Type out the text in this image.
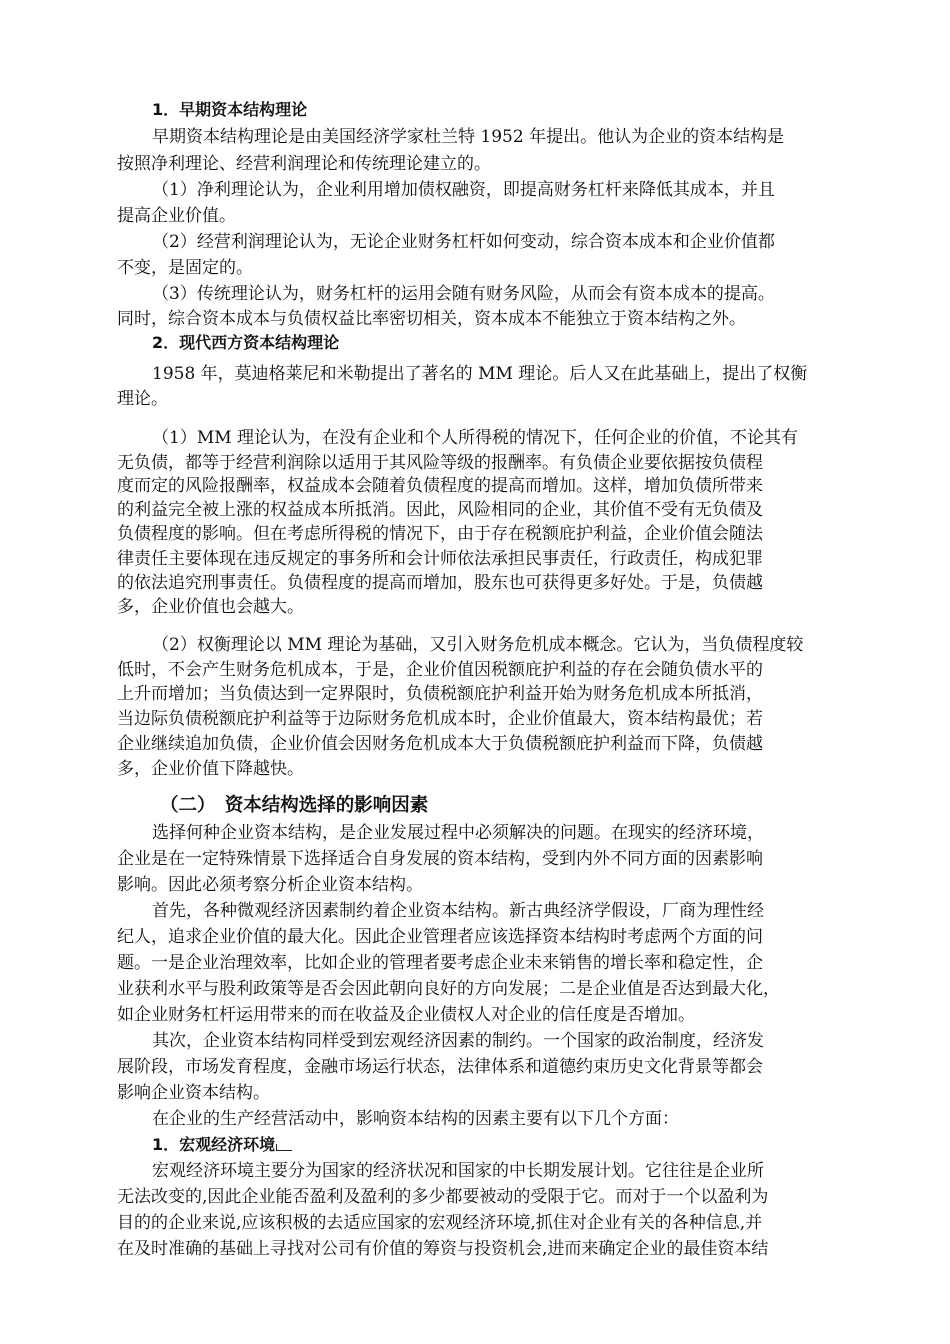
1．早期资本结构理论

早期资本结构理论是由美国经济学家杜兰特 1952 年提出。他认为企业的资本结构是

按照净利理论、经营利润理论和传统理论建立的。

（1）净利理论认为，企业利用增加债权融资，即提高财务杠杆来降低其成本，并且

提高企业价值。

（2）经营利润理论认为，无论企业财务杠杆如何变动，综合资本成本和企业价值都

不变，是固定的。

（3）传统理论认为，财务杠杆的运用会随有财务风险，从而会有资本成本的提高。

同时，综合资本成本与负债权益比率密切相关，资本成本不能独立于资本结构之外。

2．现代西方资本结构理论

1958 年，莫迪格莱尼和米勒提出了著名的 MM 理论。后人又在此基础上，提出了权衡

理论。

（1）MM 理论认为，在没有企业和个人所得税的情况下，任何企业的价值，不论其有

无负债，都等于经营利润除以适用于其风险等级的报酬率。有负债企业要依据按负债程

度而定的风险报酬率，权益成本会随着负债程度的提高而增加。这样，增加负债所带来

的利益完全被上涨的权益成本所抵消。因此，风险相同的企业，其价值不受有无负债及

负债程度的影响。但在考虑所得税的情况下，由于存在税额庇护利益，企业价值会随法

律责任主要体现在违反规定的事务所和会计师依法承担民事责任，行政责任，构成犯罪

的依法追究刑事责任。负债程度的提高而增加，股东也可获得更多好处。于是，负债越

多，企业价值也会越大。

（2）权衡理论以 MM 理论为基础，又引入财务危机成本概念。它认为，当负债程度较

低时，不会产生财务危机成本，于是，企业价值因税额庇护利益的存在会随负债水平的

上升而增加；当负债达到一定界限时，负债税额庇护利益开始为财务危机成本所抵消，

当边际负债税额庇护利益等于边际财务危机成本时，企业价值最大，资本结构最优；若

企业继续追加负债，企业价值会因财务危机成本大于负债税额庇护利益而下降，负债越

多，企业价值下降越快。

（二）　资本结构选择的影响因素

选择何种企业资本结构，是企业发展过程中必须解决的问题。在现实的经济环境，

企业是在一定特殊情景下选择适合自身发展的资本结构，受到内外不同方面的因素影响

影响。因此必须考察分析企业资本结构。

首先，各种微观经济因素制约着企业资本结构。新古典经济学假设，厂商为理性经

纪人，追求企业价值的最大化。因此企业管理者应该选择资本结构时考虑两个方面的问

题。一是企业治理效率，比如企业的管理者要考虑企业未来销售的增长率和稳定性，企

业获利水平与股利政策等是否会因此朝向良好的方向发展；二是企业值是否达到最大化，

如企业财务杠杆运用带来的而在收益及企业债权人对企业的信任度是否增加。

其次，企业资本结构同样受到宏观经济因素的制约。一个国家的政治制度，经济发

展阶段，市场发育程度，金融市场运行状态，法律体系和道德约束历史文化背景等都会

影响企业资本结构。

在企业的生产经营活动中，影响资本结构的因素主要有以下几个方面：

1．宏观经济环境

宏观经济环境主要分为国家的经济状况和国家的中长期发展计划。它往往是企业所

无法改变的,因此企业能否盈利及盈利的多少都要被动的受限于它。而对于一个以盈利为

目的的企业来说,应该积极的去适应国家的宏观经济环境,抓住对企业有关的各种信息,并

在及时准确的基础上寻找对公司有价值的筹资与投资机会,进而来确定企业的最佳资本结
